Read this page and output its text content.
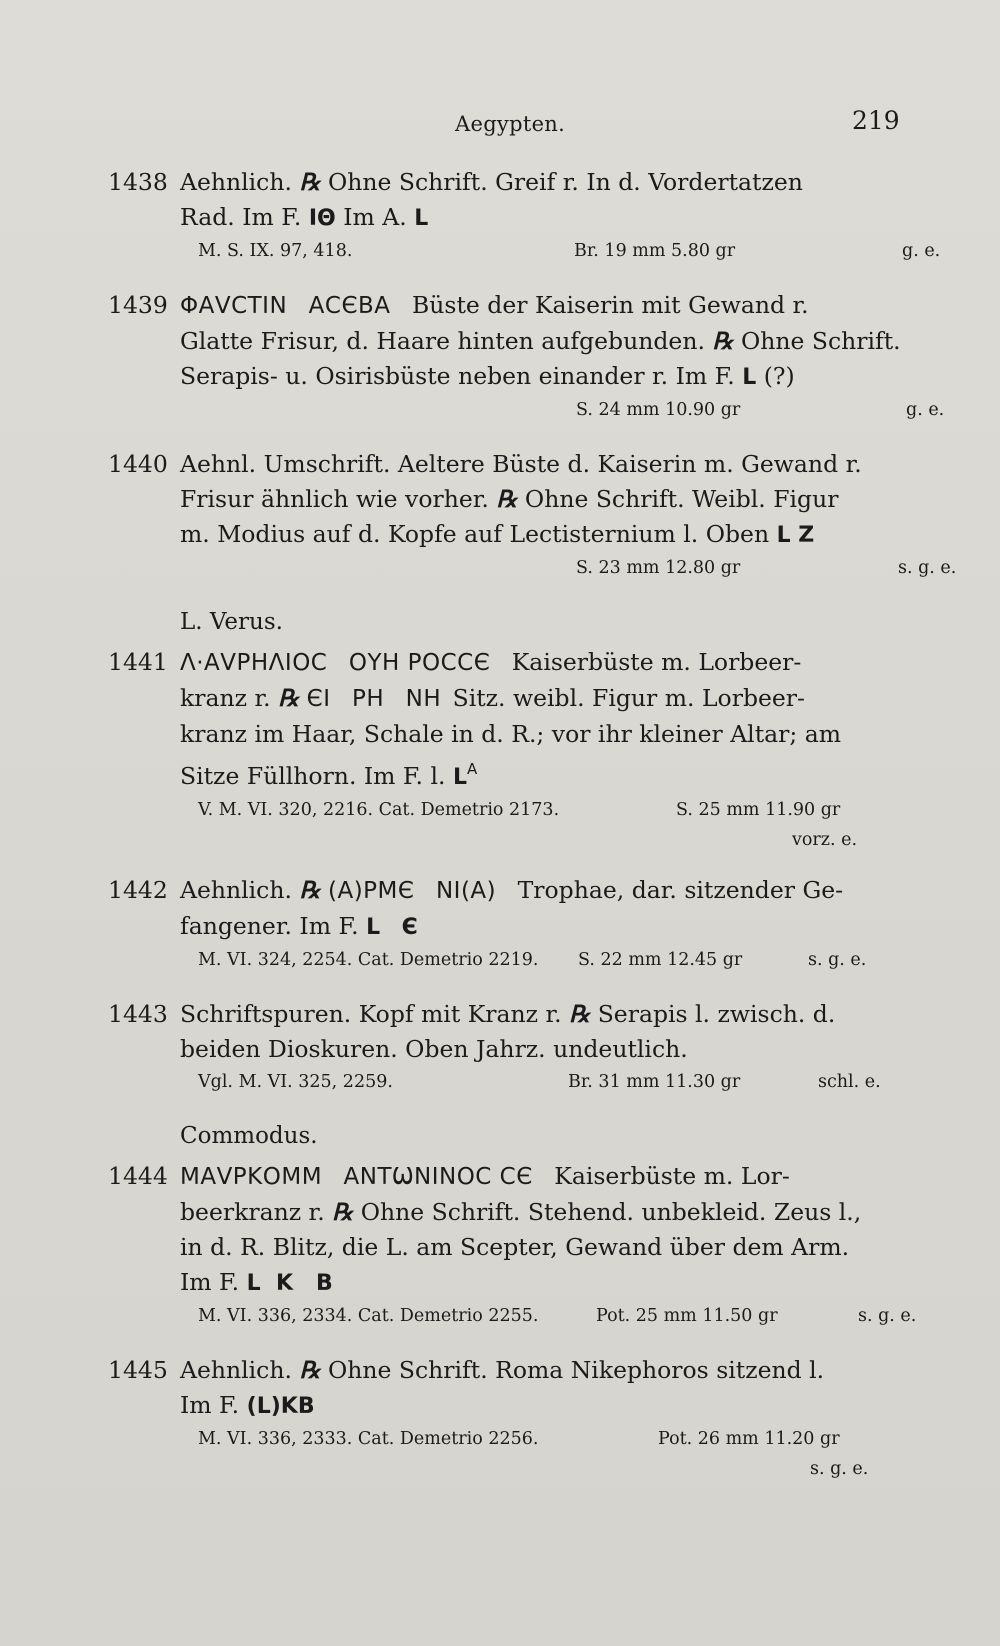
Aegypten.	219
1438 Aehnlich. ℞ Ohne Schrift. Greif r. In d. Vordertatzen
Rad. Im F. ΙΘ Im A. L
M. S. IX. 97, 418.	Br. 19 mm 5.80 gr	g. e.
1439 ΦΑVCΤΙΝ ΑCЄΒΑ Büste der Kaiserin mit Gewand r.
Glatte Frisur, d. Haare hinten aufgebunden. ℞ Ohne Schrift.
Serapis- u. Osirisbüste neben einander r. Im F. L (?)
S. 24 mm 10.90 gr	g. e.
1440 Aehnl. Umschrift. Aeltere Büste d. Kaiserin m. Gewand r.
Frisur ähnlich wie vorher. ℞ Ohne Schrift. Weibl. Figur
m. Modius auf d. Kopfe auf Lectisternium l. Oben L Ζ
S. 23 mm 12.80 gr	s. g. e.
L. Verus.
1441 Λ·ΑVΡΗΛΙΟC ΟΥΗ ΡΟCCЄ Kaiserbüste m. Lorbeer-
kranz r. ℞ ЄΙ ΡΗ ΝΗ Sitz. weibl. Figur m. Lorbeer-
kranz im Haar, Schale in d. R.; vor ihr kleiner Altar; am
Sitze Füllhorn. Im F. l. $L^A$
V. M. VI. 320, 2216. Cat. Demetrio 2173.	S. 25 mm 11.90 gr
vorz. e.
1442 Aehnlich. ℞ (Α)ΡΜЄ ΝΙ(Α) Trophae, dar. sitzender Ge-
fangener. Im F. L Є
M. VI. 324, 2254. Cat. Demetrio 2219. S. 22 mm 12.45 gr	s. g. e.
1443 Schriftspuren. Kopf mit Kranz r. ℞ Serapis l. zwisch. d.
beiden Dioskuren. Oben Jahrz. undeutlich.
Vgl. M. VI. 325, 2259.	Br. 31 mm 11.30 gr	schl. e.
Commodus.
1444 ΜΑVΡΚΟΜΜ ΑΝΤѠΝΙΝΟC CЄ Kaiserbüste m. Lor-
beerkranz r. ℞ Ohne Schrift. Stehend. unbekleid. Zeus l.,
in d. R. Blitz, die L. am Scepter, Gewand über dem Arm.
Im F. L  Κ   Β
M. VI. 336, 2334. Cat. Demetrio 2255.	Pot. 25 mm 11.50 gr	s. g. e.
1445 Aehnlich. ℞ Ohne Schrift. Roma Nikephoros sitzend l.
Im F. (L)ΚΒ
M. VI. 336, 2333. Cat. Demetrio 2256.	Pot. 26 mm 11.20 gr
s. g. e.
